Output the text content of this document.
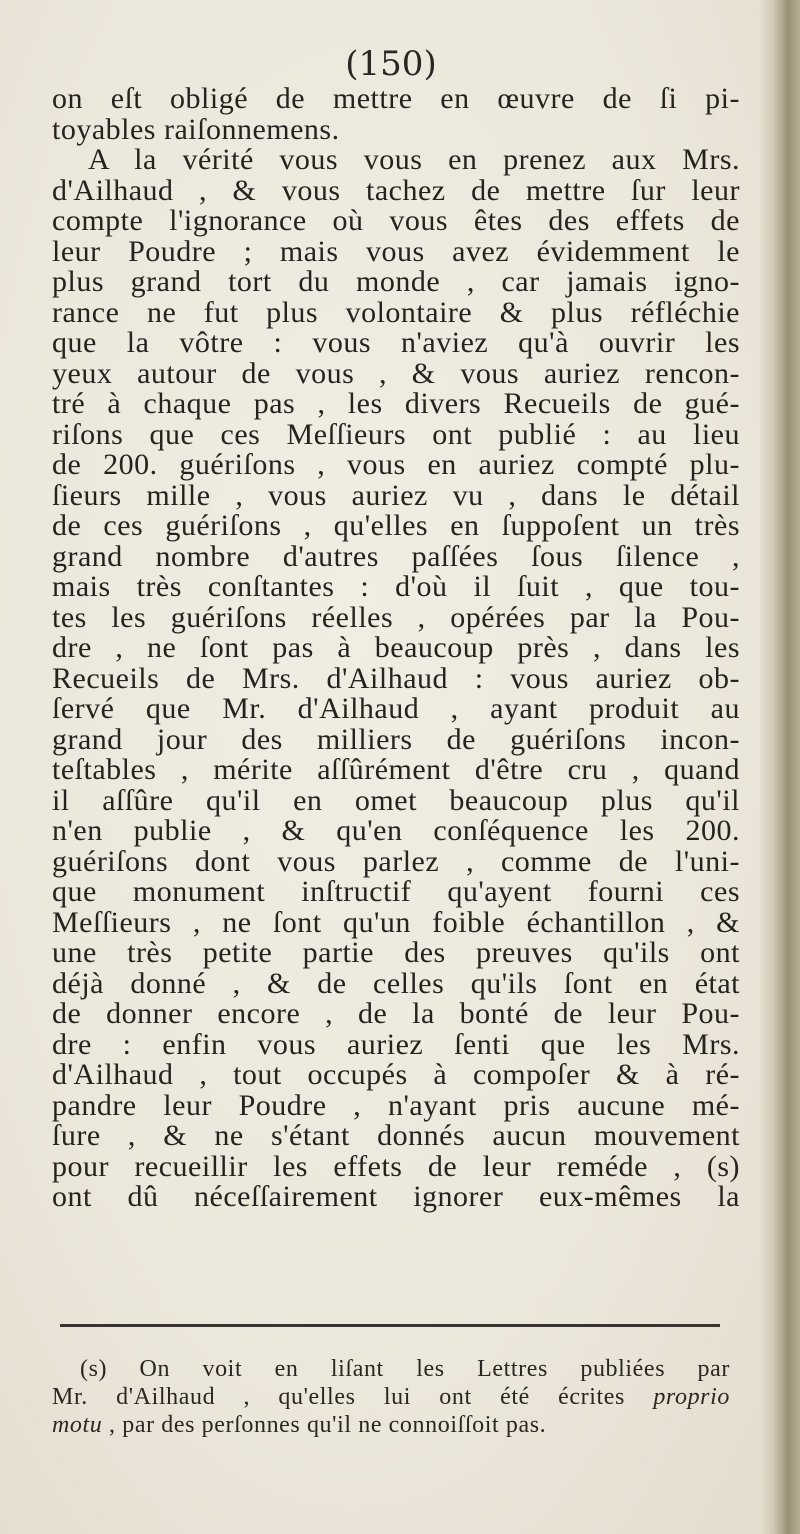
(150)
on eſt obligé de mettre en œuvre de ſi pi-
toyables raiſonnemens.
A la vérité vous vous en prenez aux Mrs.
d'Ailhaud , & vous tachez de mettre ſur leur
compte l'ignorance où vous êtes des effets de
leur Poudre ; mais vous avez évidemment le
plus grand tort du monde , car jamais igno-
rance ne fut plus volontaire & plus réfléchie
que la vôtre : vous n'aviez qu'à ouvrir les
yeux autour de vous , & vous auriez rencon-
tré à chaque pas , les divers Recueils de gué-
riſons que ces Meſſieurs ont publié : au lieu
de 200. guériſons , vous en auriez compté plu-
ſieurs mille , vous auriez vu , dans le détail
de ces guériſons , qu'elles en ſuppoſent un très
grand nombre d'autres paſſées ſous ſilence ,
mais très conſtantes : d'où il ſuit , que tou-
tes les guériſons réelles , opérées par la Pou-
dre , ne ſont pas à beaucoup près , dans les
Recueils de Mrs. d'Ailhaud : vous auriez ob-
ſervé que Mr. d'Ailhaud , ayant produit au
grand jour des milliers de guériſons incon-
teſtables , mérite aſſûrément d'être cru , quand
il aſſûre qu'il en omet beaucoup plus qu'il
n'en publie , & qu'en conſéquence les 200.
guériſons dont vous parlez , comme de l'uni-
que monument inſtructif qu'ayent fourni ces
Meſſieurs , ne ſont qu'un foible échantillon , &
une très petite partie des preuves qu'ils ont
déjà donné , & de celles qu'ils ſont en état
de donner encore , de la bonté de leur Pou-
dre : enfin vous auriez ſenti que les Mrs.
d'Ailhaud , tout occupés à compoſer & à ré-
pandre leur Poudre , n'ayant pris aucune mé-
ſure , & ne s'étant donnés aucun mouvement
pour recueillir les effets de leur reméde , (s)
ont dû néceſſairement ignorer eux-mêmes la
(s) On voit en liſant les Lettres publiées par
Mr. d'Ailhaud , qu'elles lui ont été écrites proprio
motu , par des perſonnes qu'il ne connoiſſoit pas.
